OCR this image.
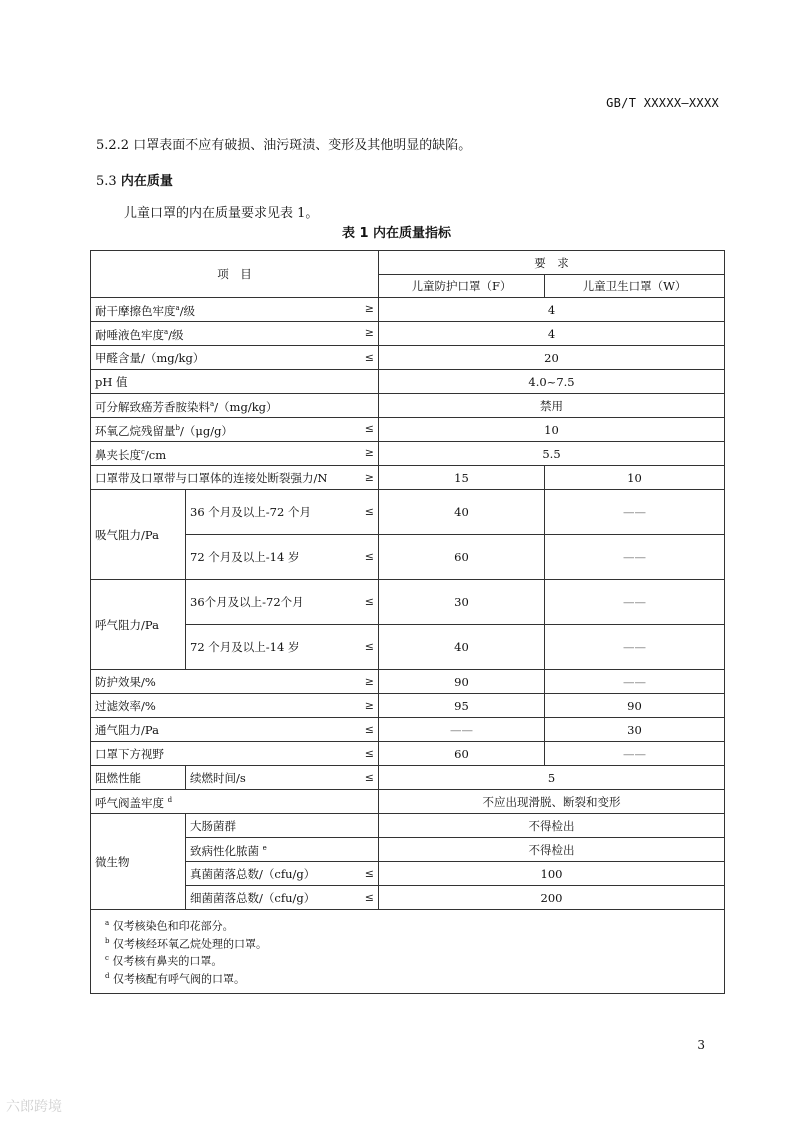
GB/T XXXXX—XXXX
5.2.2 口罩表面不应有破损、油污斑渍、变形及其他明显的缺陷。
5.3 内在质量
儿童口罩的内在质量要求见表 1。
表 1 内在质量指标
项　目		要　求	
		儿童防护口罩（F）	儿童卫生口罩（W）

耐干摩擦色牢度$^a$/级 ≥		4	

耐唾液色牢度$^a$/级 ≥		4	

甲醛含量/（mg/kg） ≤		20	
pH 值		4.0~7.5	
可分解致癌芳香胺染料$^a$/（mg/kg）		禁用	

环氧乙烷残留量$^b$/（μg/g） ≤		10	

鼻夹长度$^c$/cm ≥		5.5	

口罩带及口罩带与口罩体的连接处断裂强力/N ≥		15	10
吸气阻力/Pa	36 个月及以上-72 个月 ≤	40	——

	72 个月及以上-14 岁 ≤	60	——
呼气阻力/Pa	36个月及以上-72个月 ≤	30	——

	72 个月及以上-14 岁 ≤	40	——

防护效果/% ≥		90	——

过滤效率/% ≥		95	90

通气阻力/Pa ≤		——	30

口罩下方视野 ≤		60	——
阻燃性能	续燃时间/s ≤	5	
呼气阀盖牢度 $^d$		不应出现滑脱、断裂和变形	
微生物	大肠菌群	不得检出	
	致病性化脓菌 $^e$	不得检出	

	真菌菌落总数/（cfu/g） ≤	100	

	细菌菌落总数/（cfu/g） ≤	200	

$^a$ 仅考核染色和印花部分。
$^b$ 仅考核经环氧乙烷处理的口罩。
$^c$ 仅考核有鼻夹的口罩。
$^d$ 仅考核配有呼气阀的口罩。			
3
六郎跨境
